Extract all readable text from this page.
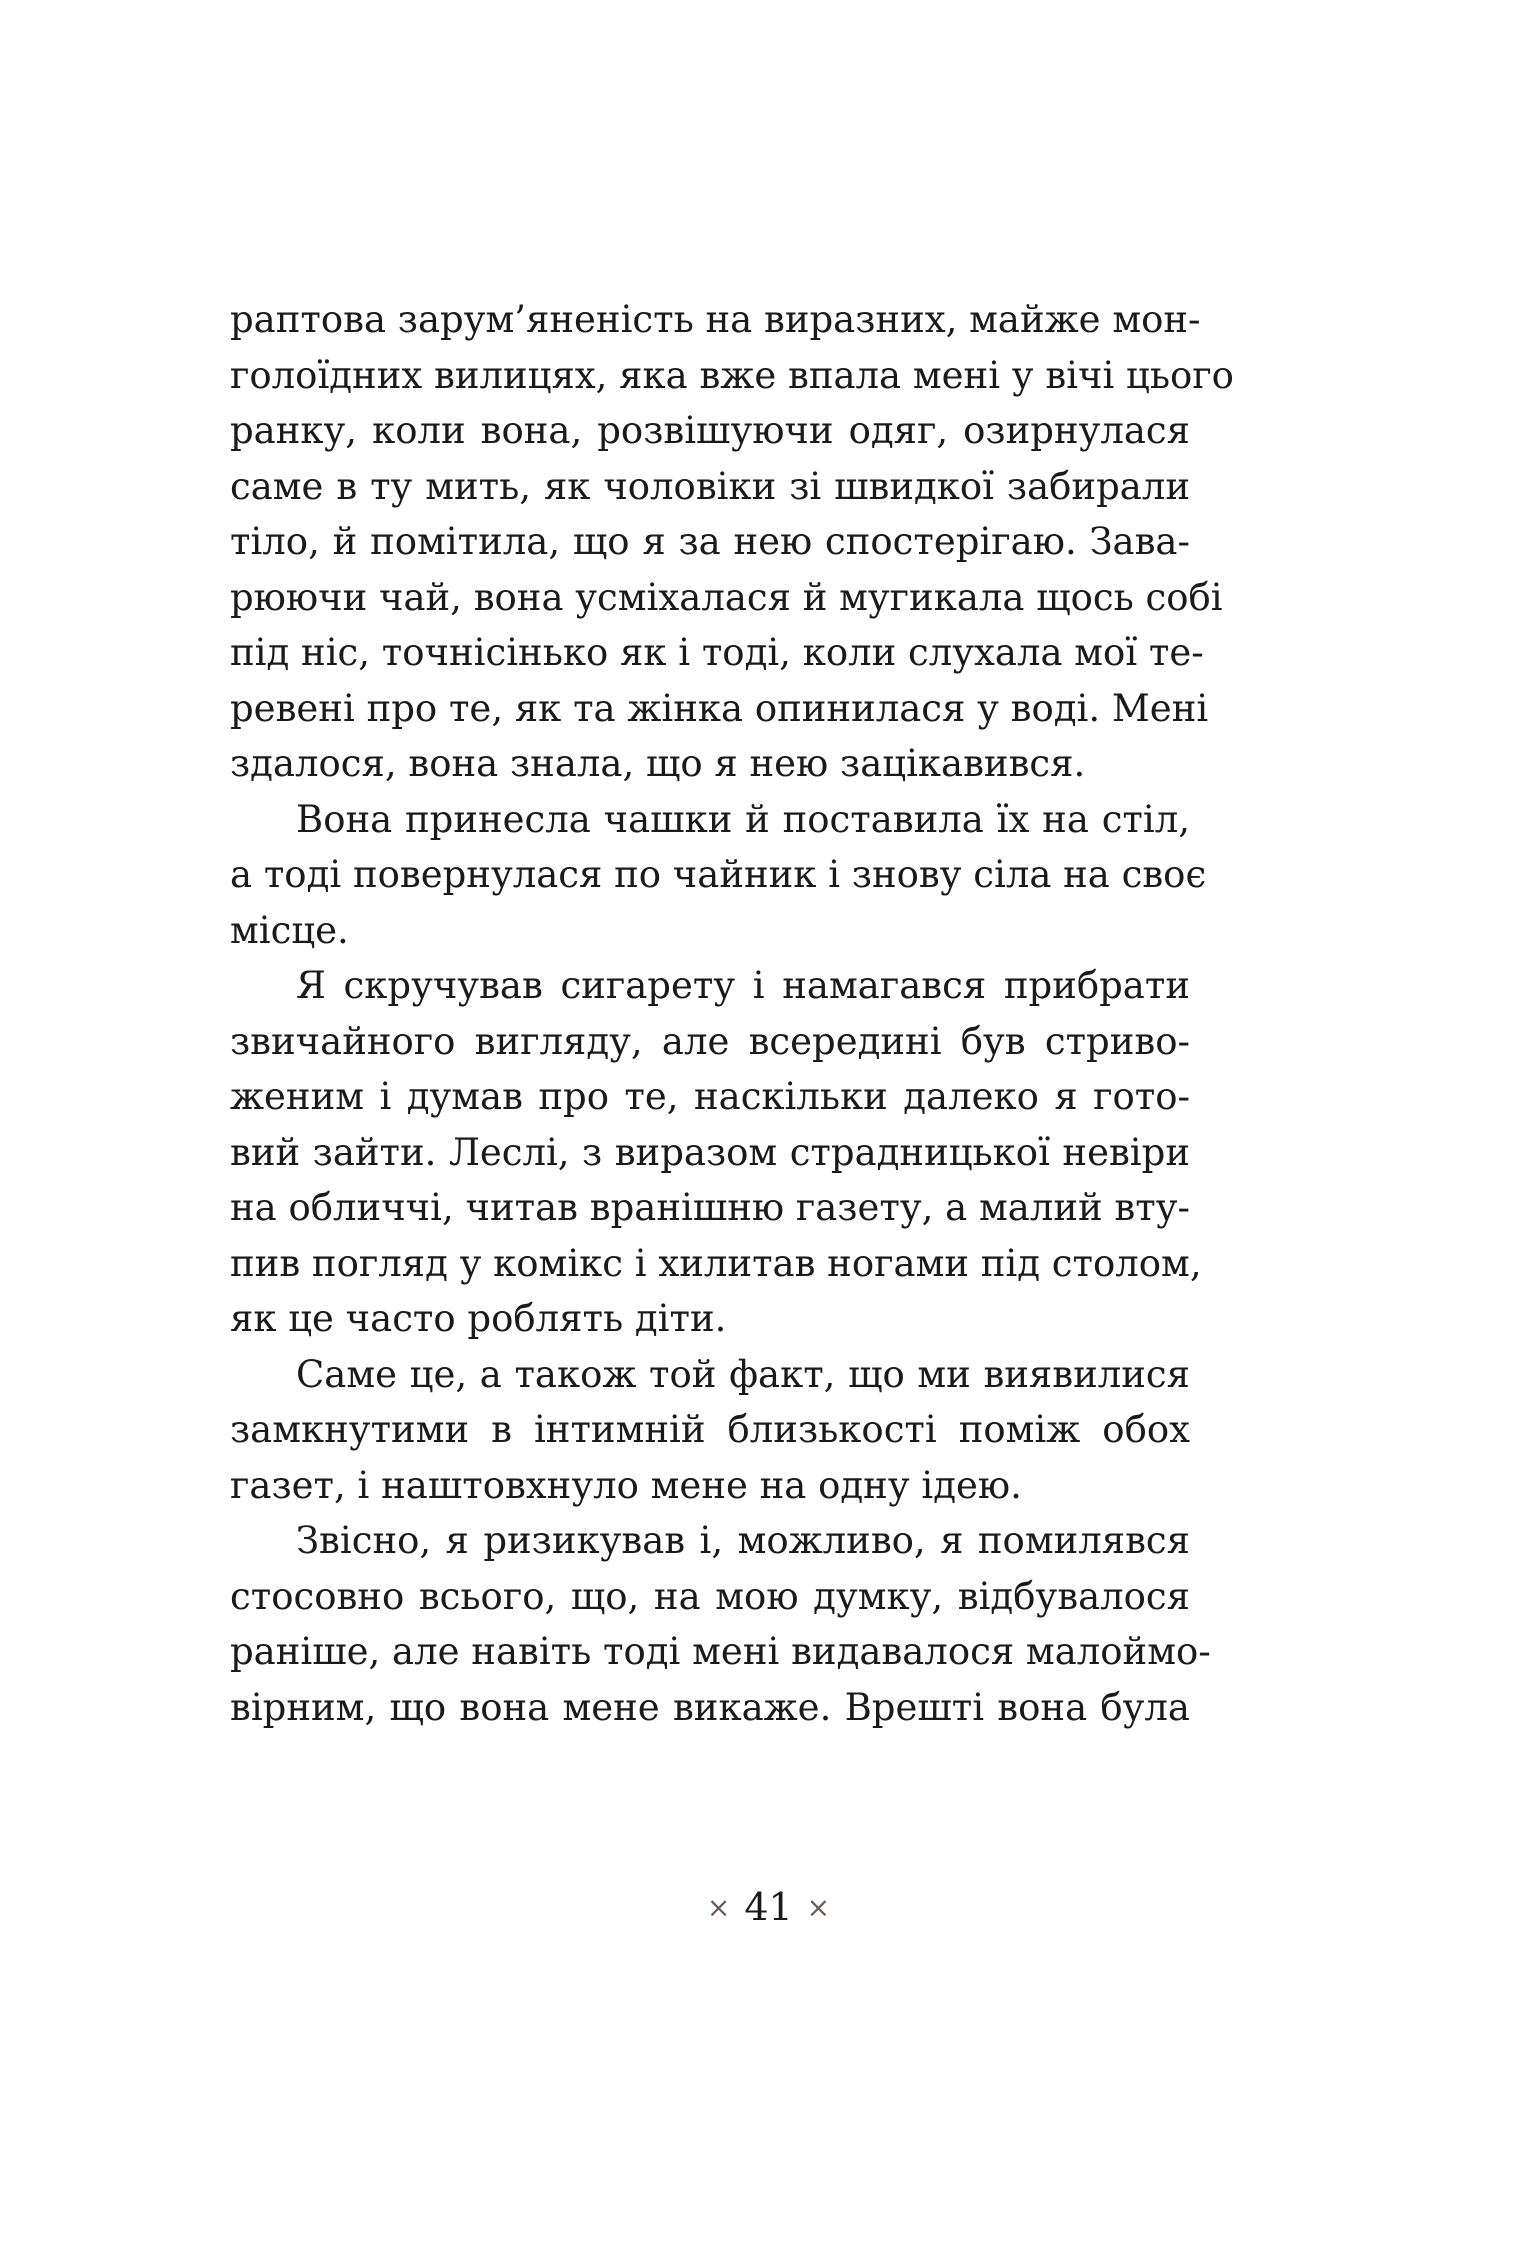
раптова зарум’яненість на виразних, майже мон-
голоїдних вилицях, яка вже впала мені у вічі цього
ранку, коли вона, розвішуючи одяг, озирнулася
саме в ту мить, як чоловіки зі швидкої забирали
тіло, й помітила, що я за нею спостерігаю. Зава-
рюючи чай, вона усміхалася й мугикала щось собі
під ніс, точнісінько як і тоді, коли слухала мої те-
ревені про те, як та жінка опинилася у воді. Мені
здалося, вона знала, що я нею зацікавився.
Вона принесла чашки й поставила їх на стіл,
а тоді повернулася по чайник і знову сіла на своє
місце.
Я скручував сигарету і намагався прибрати
звичайного вигляду, але всередині був стриво-
женим і думав про те, наскільки далеко я гото-
вий зайти. Леслі, з виразом страдницької невіри
на обличчі, читав вранішню газету, а малий вту-
пив погляд у комікс і хилитав ногами під столом,
як це часто роблять діти.
Саме це, а також той факт, що ми виявилися
замкнутими в інтимній близькості поміж обох
газет, і наштовхнуло мене на одну ідею.
Звісно, я ризикував і, можливо, я помилявся
стосовно всього, що, на мою думку, відбувалося
раніше, але навіть тоді мені видавалося малоймо-
вірним, що вона мене викаже. Врешті вона була
× 41 ×
